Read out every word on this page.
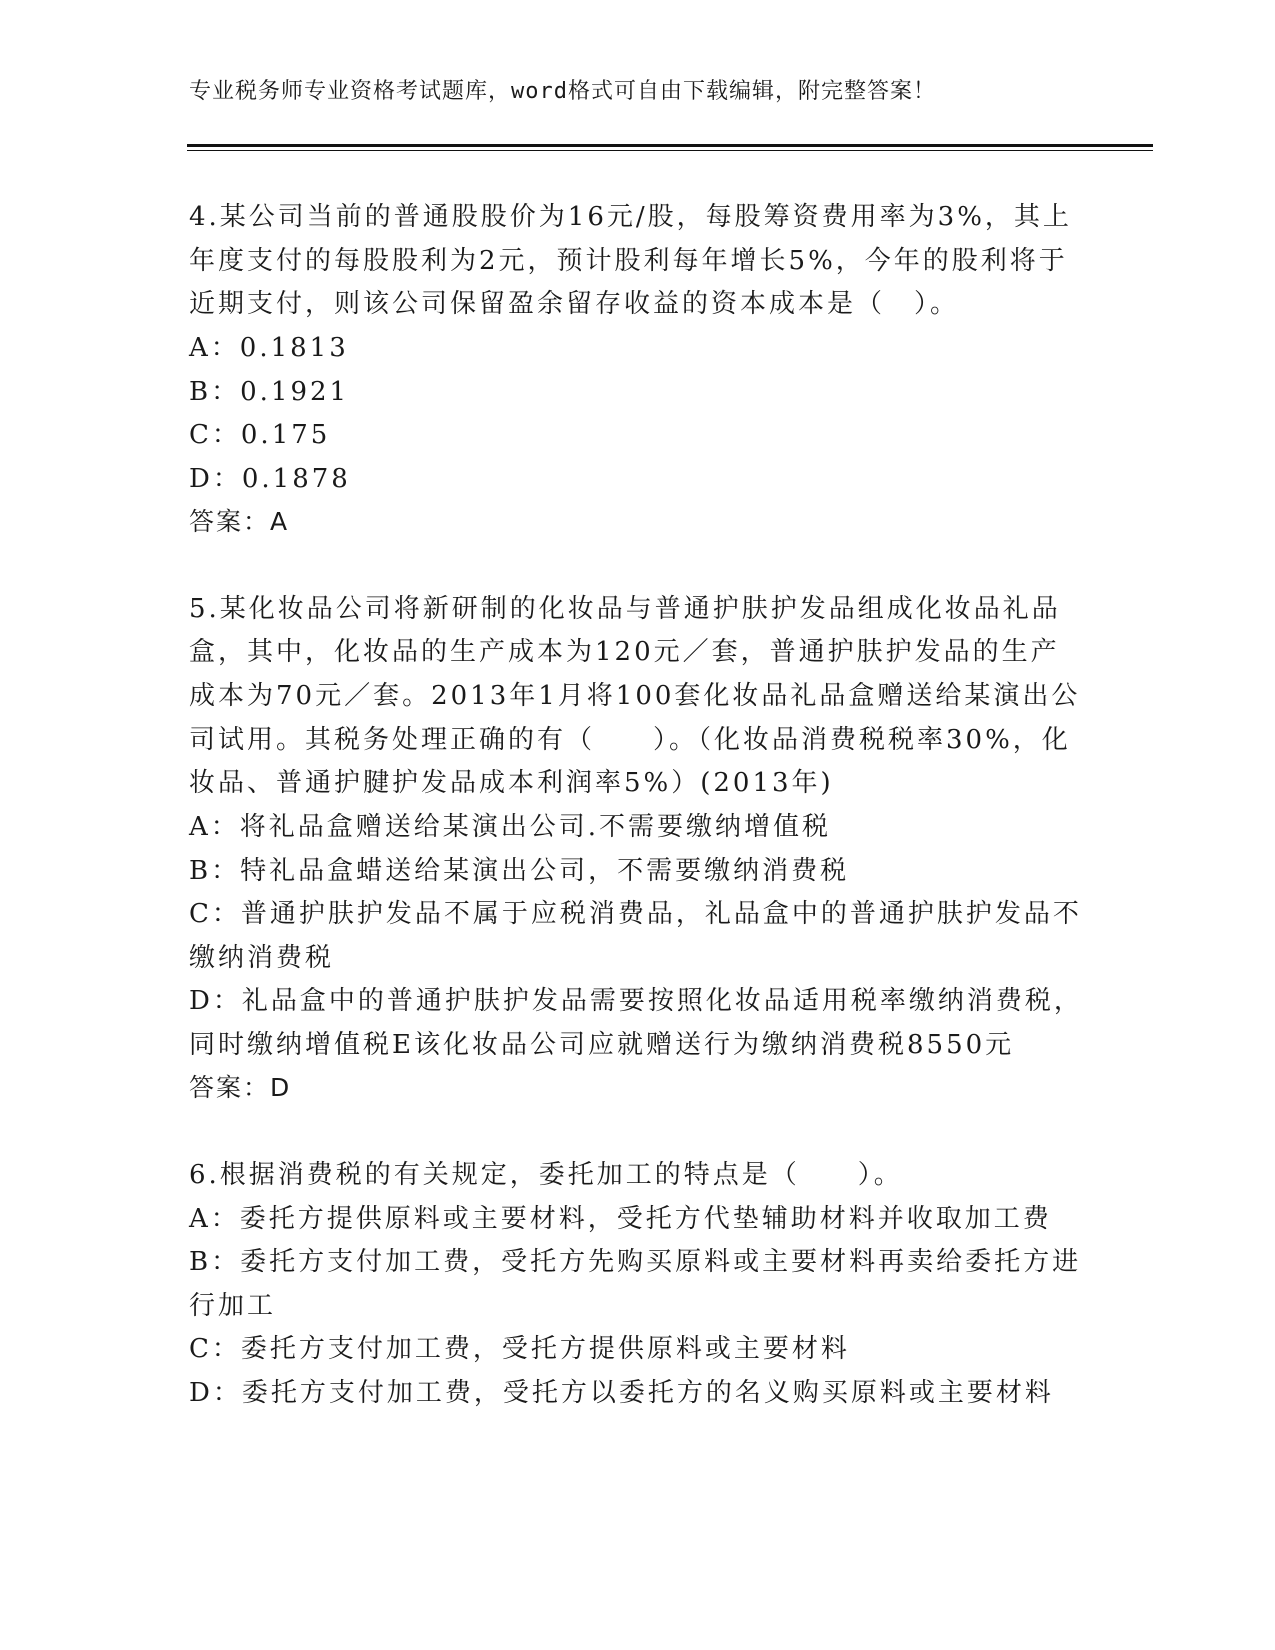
专业税务师专业资格考试题库，word格式可自由下载编辑，附完整答案！
4.某公司当前的普通股股价为16元/股，每股筹资费用率为3%，其上
年度支付的每股股利为2元，预计股利每年增长5%，今年的股利将于
近期支付，则该公司保留盈余留存收益的资本成本是（　）。
A：0.1813
B：0.1921
C：0.175
D：0.1878
答案：A
5.某化妆品公司将新研制的化妆品与普通护肤护发品组成化妆品礼品
盒，其中，化妆品的生产成本为120元／套，普通护肤护发品的生产
成本为70元／套。2013年1月将100套化妆品礼品盒赠送给某演出公
司试用。其税务处理正确的有（　　）。（化妆品消费税税率30%，化
妆品、普通护腱护发品成本利润率5%）(2013年)
A：将礼品盒赠送给某演出公司.不需要缴纳增值税
B：特礼品盒蜡送给某演出公司，不需要缴纳消费税
C：普通护肤护发品不属于应税消费品，礼品盒中的普通护肤护发品不
缴纳消费税
D：礼品盒中的普通护肤护发品需要按照化妆品适用税率缴纳消费税，
同时缴纳增值税E该化妆品公司应就赠送行为缴纳消费税8550元
答案：D
6.根据消费税的有关规定，委托加工的特点是（　　）。
A：委托方提供原料或主要材料，受托方代垫辅助材料并收取加工费
B：委托方支付加工费，受托方先购买原料或主要材料再卖给委托方进
行加工
C：委托方支付加工费，受托方提供原料或主要材料
D：委托方支付加工费，受托方以委托方的名义购买原料或主要材料
